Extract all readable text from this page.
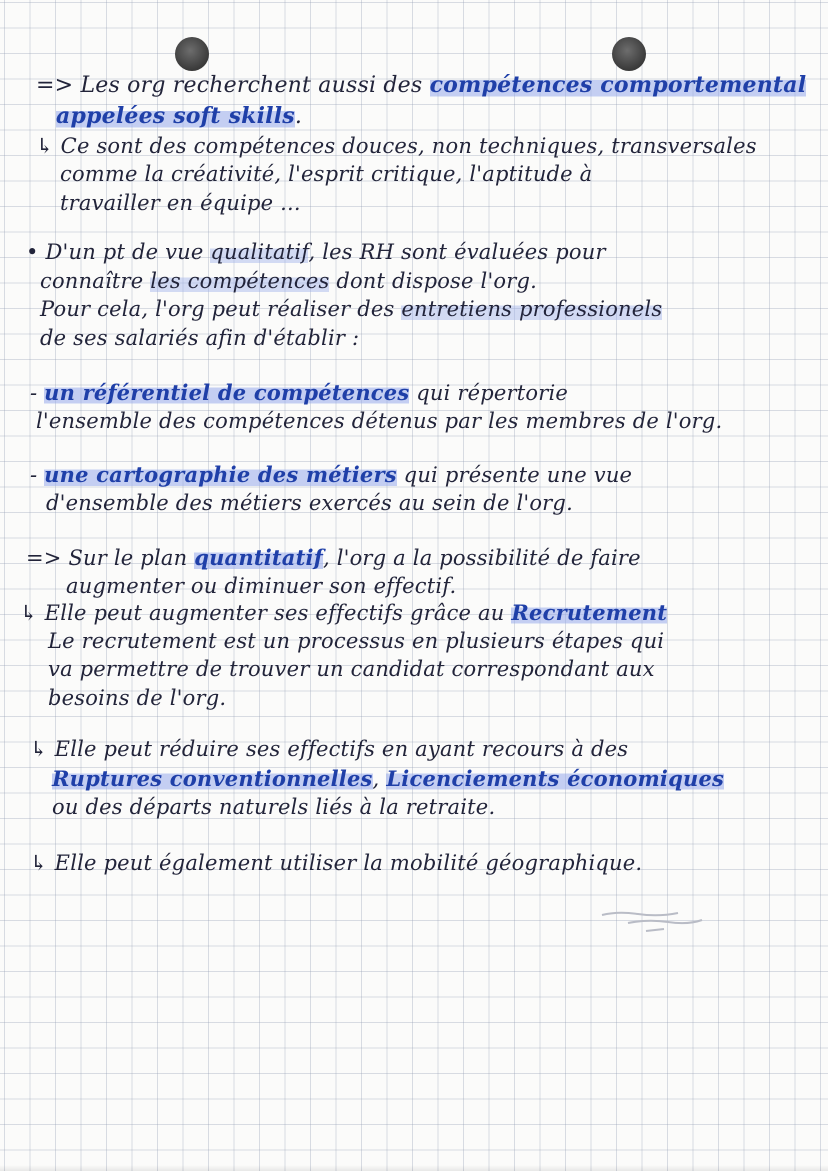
=> Les org recherchent aussi des compétences comportemental
appelées soft skills.
↳ Ce sont des compétences douces, non techniques, transversales
comme la créativité, l'esprit critique, l'aptitude à
travailler en équipe ...
• D'un pt de vue qualitatif, les RH sont évaluées pour
connaître les compétences dont dispose l'org.
Pour cela, l'org peut réaliser des entretiens professionels
de ses salariés afin d'établir :
- un référentiel de compétences qui répertorie
l'ensemble des compétences détenus par les membres de l'org.
- une cartographie des métiers qui présente une vue
d'ensemble des métiers exercés au sein de l'org.
=> Sur le plan quantitatif, l'org a la possibilité de faire
augmenter ou diminuer son effectif.
↳ Elle peut augmenter ses effectifs grâce au Recrutement
Le recrutement est un processus en plusieurs étapes qui
va permettre de trouver un candidat correspondant aux
besoins de l'org.
↳ Elle peut réduire ses effectifs en ayant recours à des
Ruptures conventionnelles, Licenciements économiques
ou des départs naturels liés à la retraite.
↳ Elle peut également utiliser la mobilité géographique.
